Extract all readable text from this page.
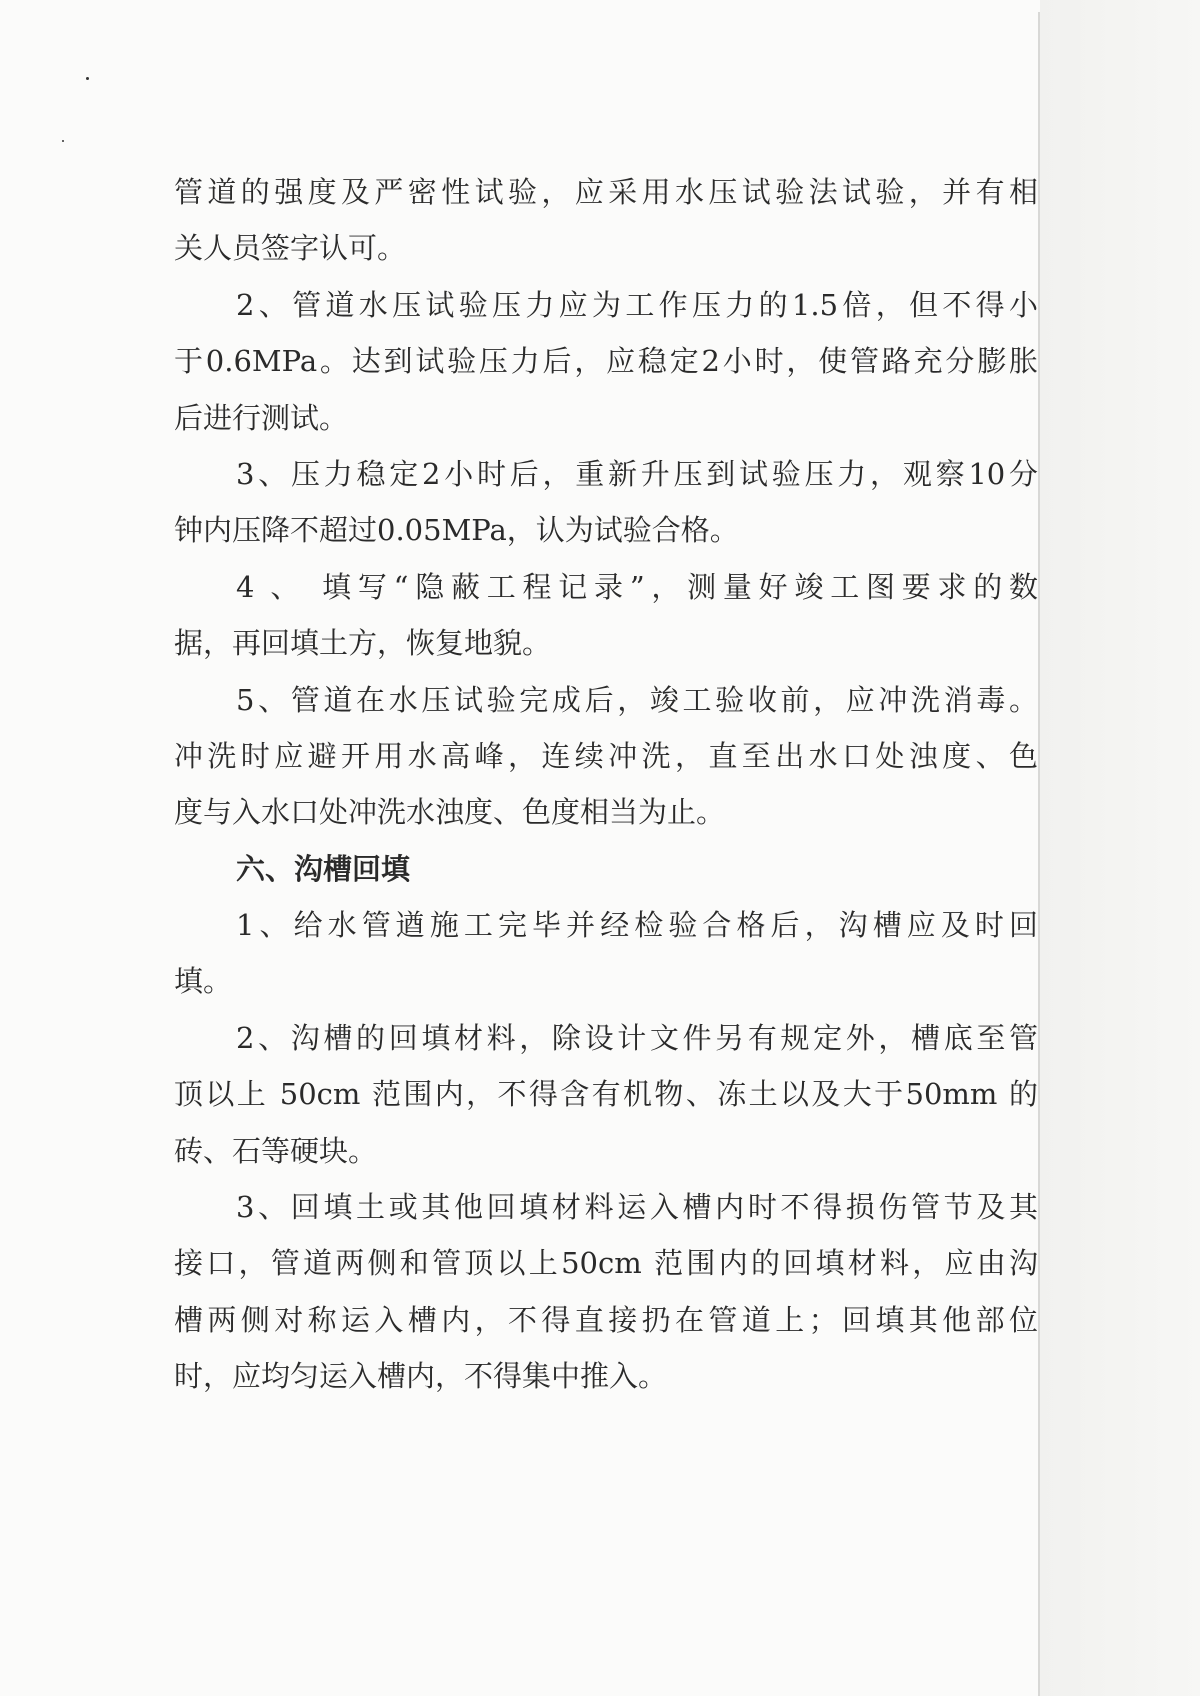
管道的强度及严密性试验，应采用水压试验法试验，并有相
关人员签字认可。
2、管道水压试验压力应为工作压力的1.5倍，但不得小
于0.6MPa。达到试验压力后，应稳定2小时，使管路充分膨胀
后进行测试。
3、压力稳定2小时后，重新升压到试验压力，观察10分
钟内压降不超过0.05MPa，认为试验合格。
4 、 填写“隐蔽工程记录”，测量好竣工图要求的数
据，再回填土方，恢复地貌。
5、管道在水压试验完成后，竣工验收前，应冲洗消毒。
冲洗时应避开用水高峰，连续冲洗，直至出水口处浊度、色
度与入水口处冲洗水浊度、色度相当为止。
六、沟槽回填
1、给水管遒施工完毕并经检验合格后，沟槽应及时回
填。
2、沟槽的回填材料，除设计文件另有规定外，槽底至管
顶以上 50cm 范围内，不得含有机物、冻土以及大于50mm 的
砖、石等硬块。
3、回填土或其他回填材料运入槽内时不得损伤管节及其
接口，管道两侧和管顶以上50cm 范围内的回填材料，应由沟
槽两侧对称运入槽内，不得直接扔在管道上；回填其他部位
时，应均匀运入槽内，不得集中推入。
